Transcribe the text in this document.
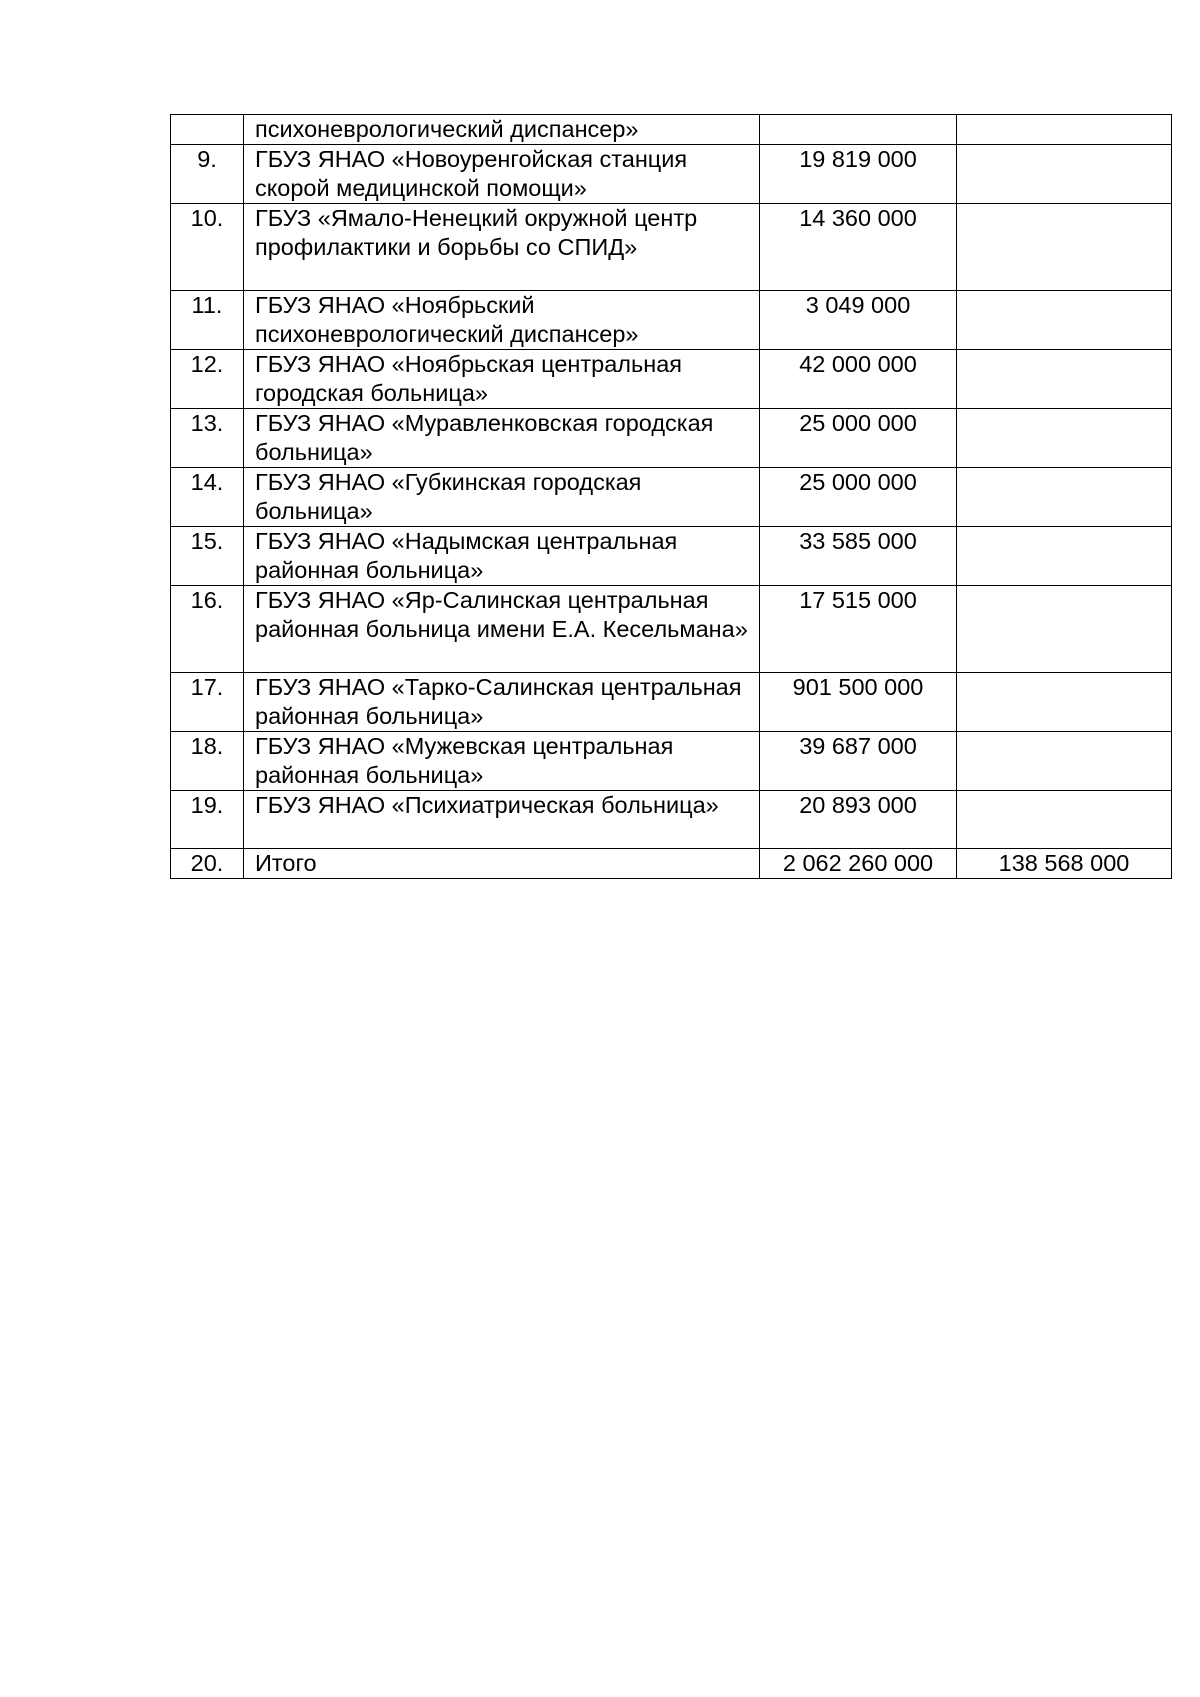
	психоневрологический диспансер»		
9.	ГБУЗ ЯНАО «Новоуренгойская станция скорой медицинской помощи»	19 819 000	
10.	ГБУЗ «Ямало-Ненецкий окружной центр профилактики и борьбы со СПИД»	14 360 000	
11.	ГБУЗ ЯНАО «Ноябрьский психоневрологический диспансер»	3 049 000	
12.	ГБУЗ ЯНАО «Ноябрьская центральная городская больница»	42 000 000	
13.	ГБУЗ ЯНАО «Муравленковская городская больница»	25 000 000	
14.	ГБУЗ ЯНАО «Губкинская городская больница»	25 000 000	
15.	ГБУЗ ЯНАО «Надымская центральная районная больница»	33 585 000	
16.	ГБУЗ ЯНАО «Яр-Салинская центральная районная больница имени Е.А. Кесельмана»	17 515 000	
17.	ГБУЗ ЯНАО «Тарко-Салинская центральная районная больница»	901 500 000	
18.	ГБУЗ ЯНАО «Мужевская центральная районная больница»	39 687 000	
19.	ГБУЗ ЯНАО «Психиатрическая больница»	20 893 000	
20.	Итого	2 062 260 000	138 568 000
